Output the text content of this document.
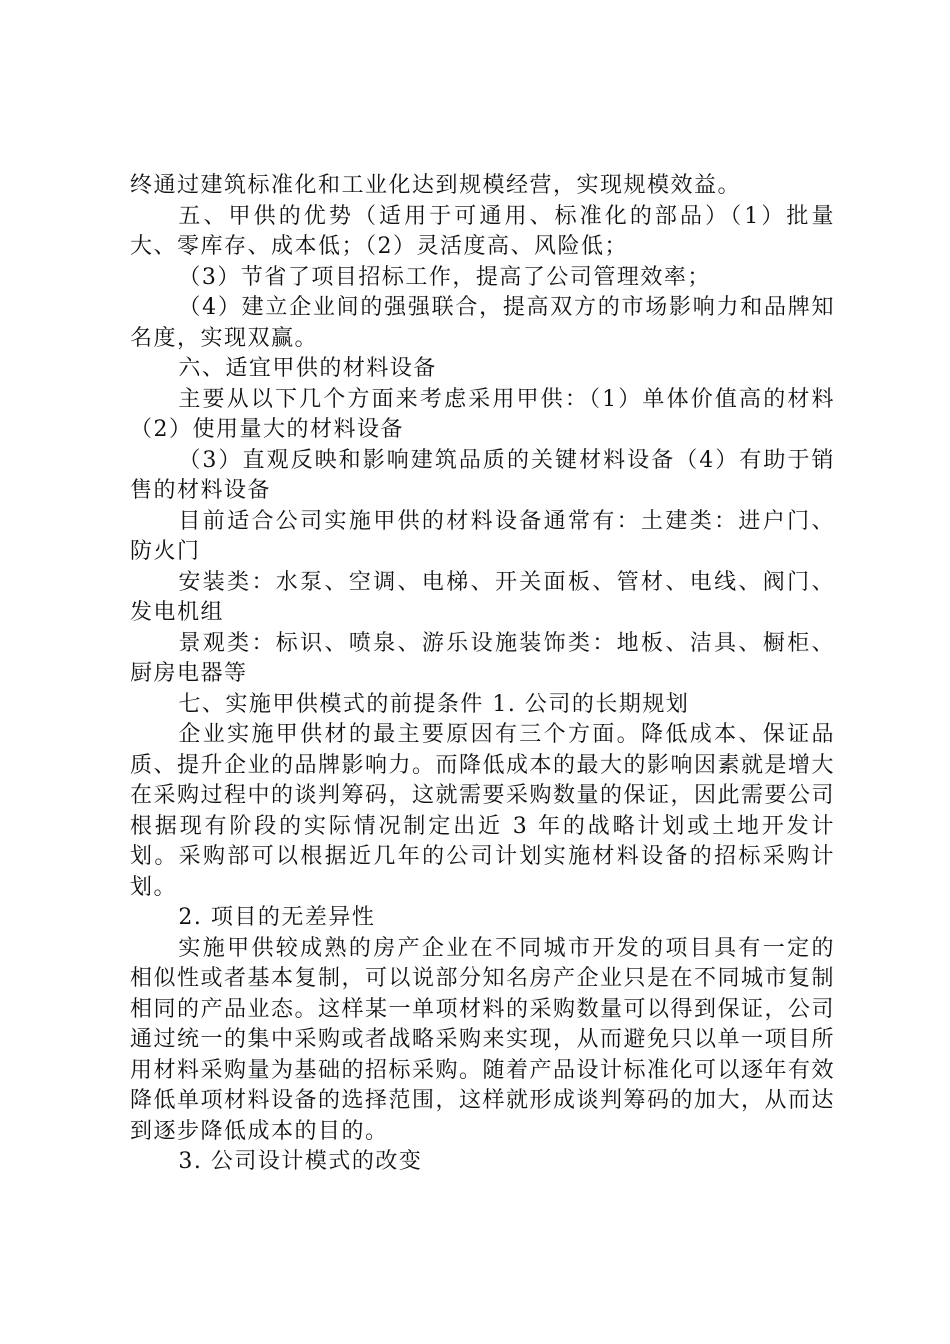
终通过建筑标准化和工业化达到规模经营，实现规模效益。

五、甲供的优势（适用于可通用、标准化的部品）（1）批量大、零库存、成本低；（2）灵活度高、风险低；

（3）节省了项目招标工作，提高了公司管理效率；

（4）建立企业间的强强联合，提高双方的市场影响力和品牌知名度，实现双赢。

六、适宜甲供的材料设备

主要从以下几个方面来考虑采用甲供：（1）单体价值高的材料（2）使用量大的材料设备

（3）直观反映和影响建筑品质的关键材料设备（4）有助于销售的材料设备

目前适合公司实施甲供的材料设备通常有：土建类：进户门、防火门

安装类：水泵、空调、电梯、开关面板、管材、电线、阀门、发电机组

景观类：标识、喷泉、游乐设施装饰类：地板、洁具、橱柜、厨房电器等

七、实施甲供模式的前提条件 1. 公司的长期规划

企业实施甲供材的最主要原因有三个方面。降低成本、保证品质、提升企业的品牌影响力。而降低成本的最大的影响因素就是增大在采购过程中的谈判筹码，这就需要采购数量的保证，因此需要公司根据现有阶段的实际情况制定出近 3 年的战略计划或土地开发计划。采购部可以根据近几年的公司计划实施材料设备的招标采购计划。

2. 项目的无差异性

实施甲供较成熟的房产企业在不同城市开发的项目具有一定的相似性或者基本复制，可以说部分知名房产企业只是在不同城市复制相同的产品业态。这样某一单项材料的采购数量可以得到保证，公司通过统一的集中采购或者战略采购来实现，从而避免只以单一项目所用材料采购量为基础的招标采购。随着产品设计标准化可以逐年有效降低单项材料设备的选择范围，这样就形成谈判筹码的加大，从而达到逐步降低成本的目的。

3. 公司设计模式的改变
